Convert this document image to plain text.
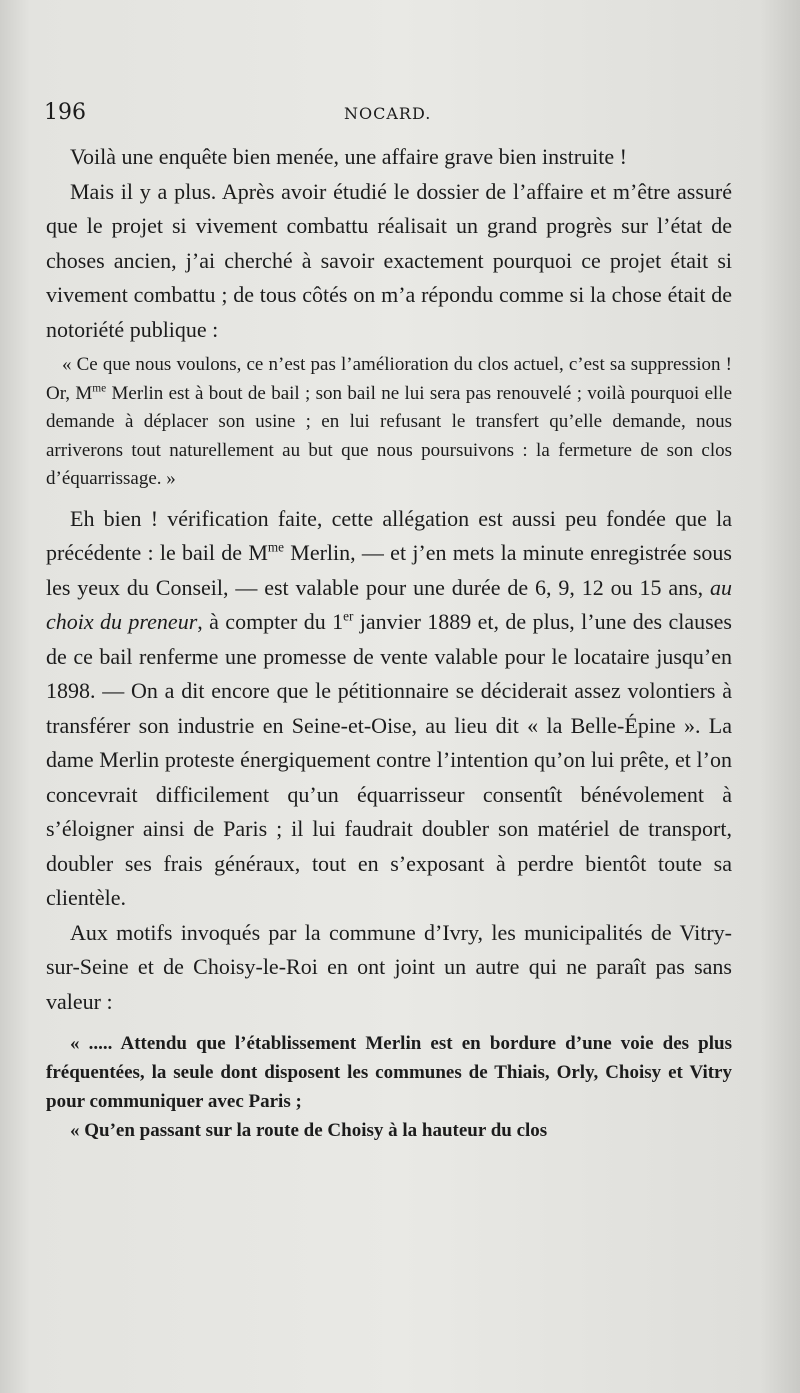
196	NOCARD.

Voilà une enquête bien menée, une affaire grave bien instruite !

Mais il y a plus. Après avoir étudié le dossier de l’affaire et m’être assuré que le projet si vivement combattu réalisait un grand progrès sur l’état de choses ancien, j’ai cherché à savoir exactement pourquoi ce projet était si vivement combattu ; de tous côtés on m’a répondu comme si la chose était de notoriété publique :

« Ce que nous voulons, ce n’est pas l’amélioration du clos actuel, c’est sa suppression ! Or, $M^{me}$ Merlin est à bout de bail ; son bail ne lui sera pas renouvelé ; voilà pourquoi elle demande à déplacer son usine ; en lui refusant le transfert qu’elle demande, nous arriverons tout naturellement au but que nous poursuivons : la fermeture de son clos d’équarrissage. »

Eh bien ! vérification faite, cette allégation est aussi peu fondée que la précédente : le bail de $M^{me}$ Merlin, — et j’en mets la minute enregistrée sous les yeux du Conseil, — est valable pour une durée de 6, 9, 12 ou 15 ans, au choix du preneur, à compter du 1er janvier 1889 et, de plus, l’une des clauses de ce bail renferme une promesse de vente valable pour le locataire jusqu’en 1898. — On a dit encore que le pétitionnaire se déciderait assez volontiers à transférer son industrie en Seine-et-Oise, au lieu dit « la Belle-Épine ». La dame Merlin proteste énergiquement contre l’intention qu’on lui prête, et l’on concevrait difficilement qu’un équarrisseur consentît bénévolement à s’éloigner ainsi de Paris ; il lui faudrait doubler son matériel de transport, doubler ses frais généraux, tout en s’exposant à perdre bientôt toute sa clientèle.

Aux motifs invoqués par la commune d’Ivry, les municipalités de Vitry-sur-Seine et de Choisy-le-Roi en ont joint un autre qui ne paraît pas sans valeur :

« ..... Attendu que l’établissement Merlin est en bordure d’une voie des plus fréquentées, la seule dont disposent les communes de Thiais, Orly, Choisy et Vitry pour communiquer avec Paris ;

« Qu’en passant sur la route de Choisy à la hauteur du clos
